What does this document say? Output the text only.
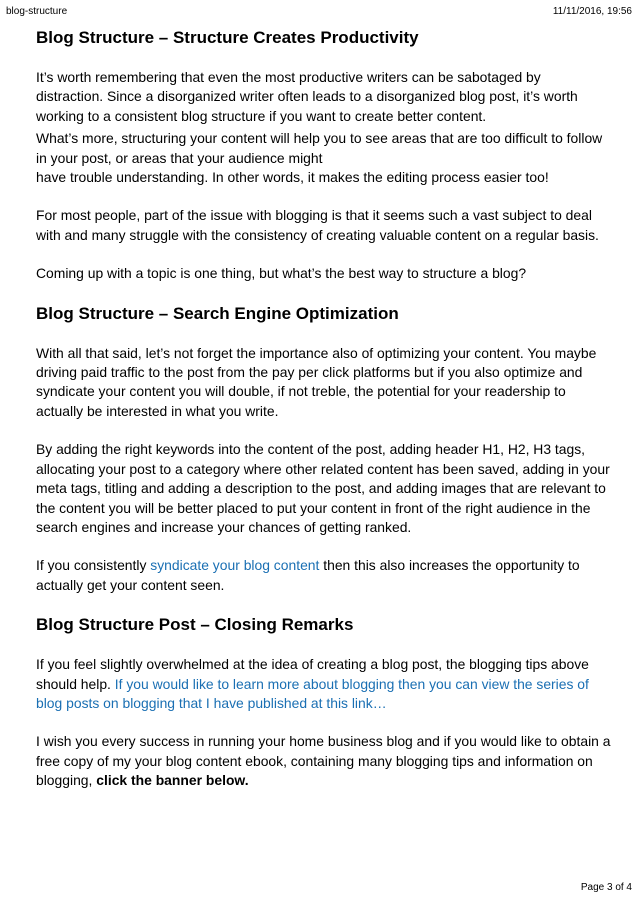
blog-structure	11/11/2016, 19:56
Blog Structure – Structure Creates Productivity

It’s worth remembering that even the most productive writers can be sabotaged by distraction. Since a disorganized writer often leads to a disorganized blog post, it’s worth working to a consistent blog structure if you want to create better content.

What’s more, structuring your content will help you to see areas that are too difficult to follow in your post, or areas that your audience might
have trouble understanding. In other words, it makes the editing process easier too!

For most people, part of the issue with blogging is that it seems such a vast subject to deal with and many struggle with the consistency of creating valuable content on a regular basis.

Coming up with a topic is one thing, but what’s the best way to structure a blog?

Blog Structure – Search Engine Optimization

With all that said, let’s not forget the importance also of optimizing your content. You maybe driving paid traffic to the post from the pay per click platforms but if you also optimize and syndicate your content you will double, if not treble, the potential for your readership to actually be interested in what you write.

By adding the right keywords into the content of the post, adding header H1, H2, H3 tags, allocating your post to a category where other related content has been saved, adding in your meta tags, titling and adding a description to the post, and adding images that are relevant to the content you will be better placed to put your content in front of the right audience in the search engines and increase your chances of getting ranked.

If you consistently syndicate your blog content then this also increases the opportunity to actually get your content seen.

Blog Structure Post – Closing Remarks

If you feel slightly overwhelmed at the idea of creating a blog post, the blogging tips above should help. If you would like to learn more about blogging then you can view the series of blog posts on blogging that I have published at this link…

I wish you every success in running your home business blog and if you would like to obtain a free copy of my your blog content ebook, containing many blogging tips and information on blogging, click the banner below.

Page 3 of 4
